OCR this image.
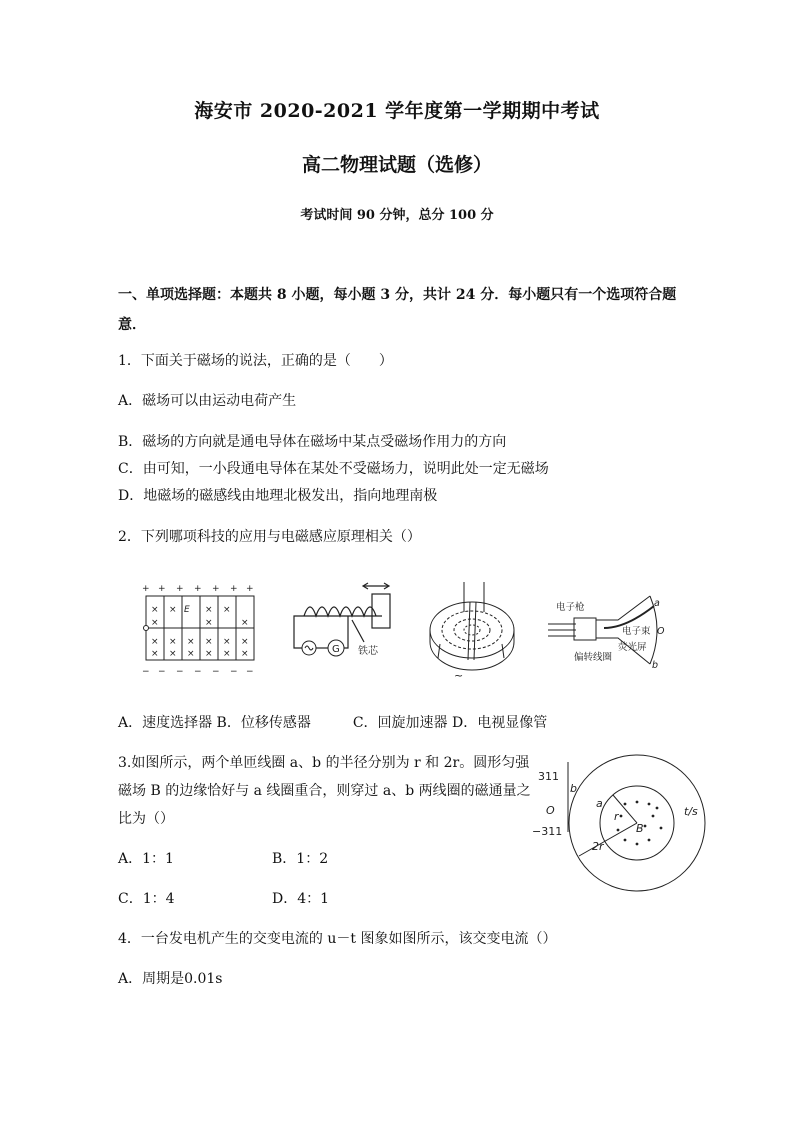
海安市 2020-2021 学年度第一学期期中考试
高二物理试题（选修）
考试时间 90 分钟，总分 100 分
一、单项选择题：本题共 8 小题，每小题 3 分，共计 24 分．每小题只有一个选项符合题
意．
1．下面关于磁场的说法，正确的是（　　）
A．磁场可以由运动电荷产生
B．磁场的方向就是通电导体在磁场中某点受磁场作用力的方向
C．由可知，一小段通电导体在某处不受磁场力，说明此处一定无磁场
D．地磁场的磁感线由地理北极发出，指向地理南极
2．下列哪项科技的应用与电磁感应原理相关（）
+ + + + + + +
− − − − − − −
× ×	× ×
×	×	×
× × × × × ×
× × × × × ×
E
G 铁芯
~
电子枪
电子束
荧光屏
偏转线圈
a
O
b
A．速度选择器 B．位移传感器　　　C．回旋加速器 D．电视显像管
3.如图所示，两个单匝线圈 a、b 的半径分别为 r 和 2r。圆形匀强
磁场 B 的边缘恰好与 a 线圈重合，则穿过 a、b 两线圈的磁通量之
比为（）
A．1：1	B．1：2
C．1：4	D．4：1
311
O
−311
t/s
a
b
r
B
2r
4．一台发电机产生的交变电流的 u－t 图象如图所示，该交变电流（）
A．周期是0.01s
